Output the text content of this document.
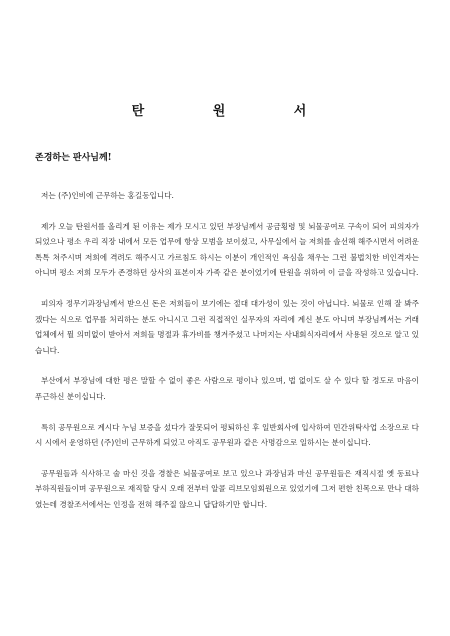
탄 원 서
존경하는 판사님께!

저는 (주)인비에 근무하는 홍길동입니다.

제가 오늘 탄원서를 올리게 된 이유는 제가 모시고 있던 부장님께서 공금횡령 및 뇌물공여로 구속이 되어 피의자가 되었으나 평소 우리 직장 내에서 모든 업무에 항상 모범을 보이셨고, 사무실에서 늘 저희를 솔선해 해주시면서 어려운 톡톡 쳐주시며 저희에 격려도 해주시고 가르침도 하시는 이분이 개인적인 욕심을 채우는 그런 불법치한 비인격자는 아니며 평소 저희 모두가 존경하던 상사의 표본이자 가족 같은 분이었기에 탄원을 위하여 이 글을 작성하고 있습니다.

피의자 정무기과장님께서 받으신 돈은 저희들이 보기에는 절대 대가성이 있는 것이 아닙니다. 뇌물로 인해 잘 봐주겠다는 식으로 업무를 처리하는 분도 아니시고 그런 직접적인 실무자의 자리에 계신 분도 아니며 부장님께서는 거래업체에서 뭘 의미없이 받아서 저희들 명절과 휴가비를 챙겨주셨고 나머지는 사내회식자리에서 사용된 것으로 알고 있습니다.

부산에서 부장님에 대한 평은 말할 수 없이 좋은 사람으로 평이나 있으며, 법 없이도 살 수 있다 할 정도로 마음이 푸근하신 분이십니다.

특히 공무원으로 계시다 누님 보증을 섰다가 잘못되어 평퇴하신 후 일반회사에 입사하여 민간위탁사업 소장으로 다시 시에서 운영하던 (주)인비 근무하게 되었고 아직도 공무원과 같은 사명감으로 일하시는 분이십니다.

공무원들과 식사하고 술 마신 것을 경찰은 뇌물공여로 보고 있으나 과장님과 마신 공무원들은 재직시절 옛 동료나 부하직원들이며 공무원으로 재직할 당시 오래 전부터 알콜 리브모임회원으로 있었기에 그저 편한 친목으로 만나 대하였는데 경찰조서에서는 인정을 전혀 해주질 않으니 답답하기만 합니다.
